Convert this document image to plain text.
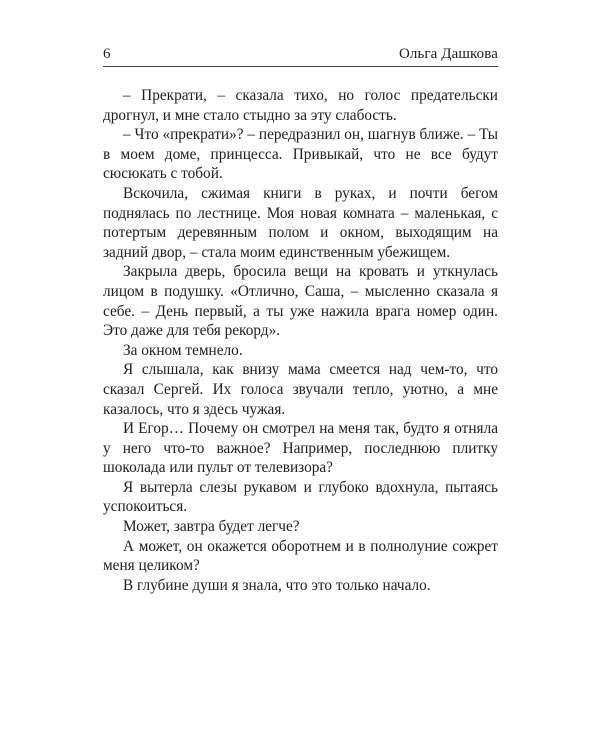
6	Ольга Дашкова

– Прекрати, – сказала тихо, но голос предательски дрогнул, и мне стало стыдно за эту слабость.

– Что «прекрати»? – передразнил он, шагнув ближе. – Ты в моем доме, принцесса. Привыкай, что не все будут сюсюкать с тобой.

Вскочила, сжимая книги в руках, и почти бегом поднялась по лестнице. Моя новая комната – маленькая, с потертым деревянным полом и окном, выходящим на задний двор, – стала моим единственным убежищем.

Закрыла дверь, бросила вещи на кровать и уткнулась лицом в подушку. «Отлично, Саша, – мысленно сказала я себе. – День первый, а ты уже нажила врага номер один. Это даже для тебя рекорд».

За окном темнело.

Я слышала, как внизу мама смеется над чем-то, что сказал Сергей. Их голоса звучали тепло, уютно, а мне казалось, что я здесь чужая.

И Егор… Почему он смотрел на меня так, будто я отняла у него что-то важное? Например, последнюю плитку шоколада или пульт от телевизора?

Я вытерла слезы рукавом и глубоко вдохнула, пытаясь успокоиться.

Может, завтра будет легче?

А может, он окажется оборотнем и в полнолуние сожрет меня целиком?

В глубине души я знала, что это только начало.
